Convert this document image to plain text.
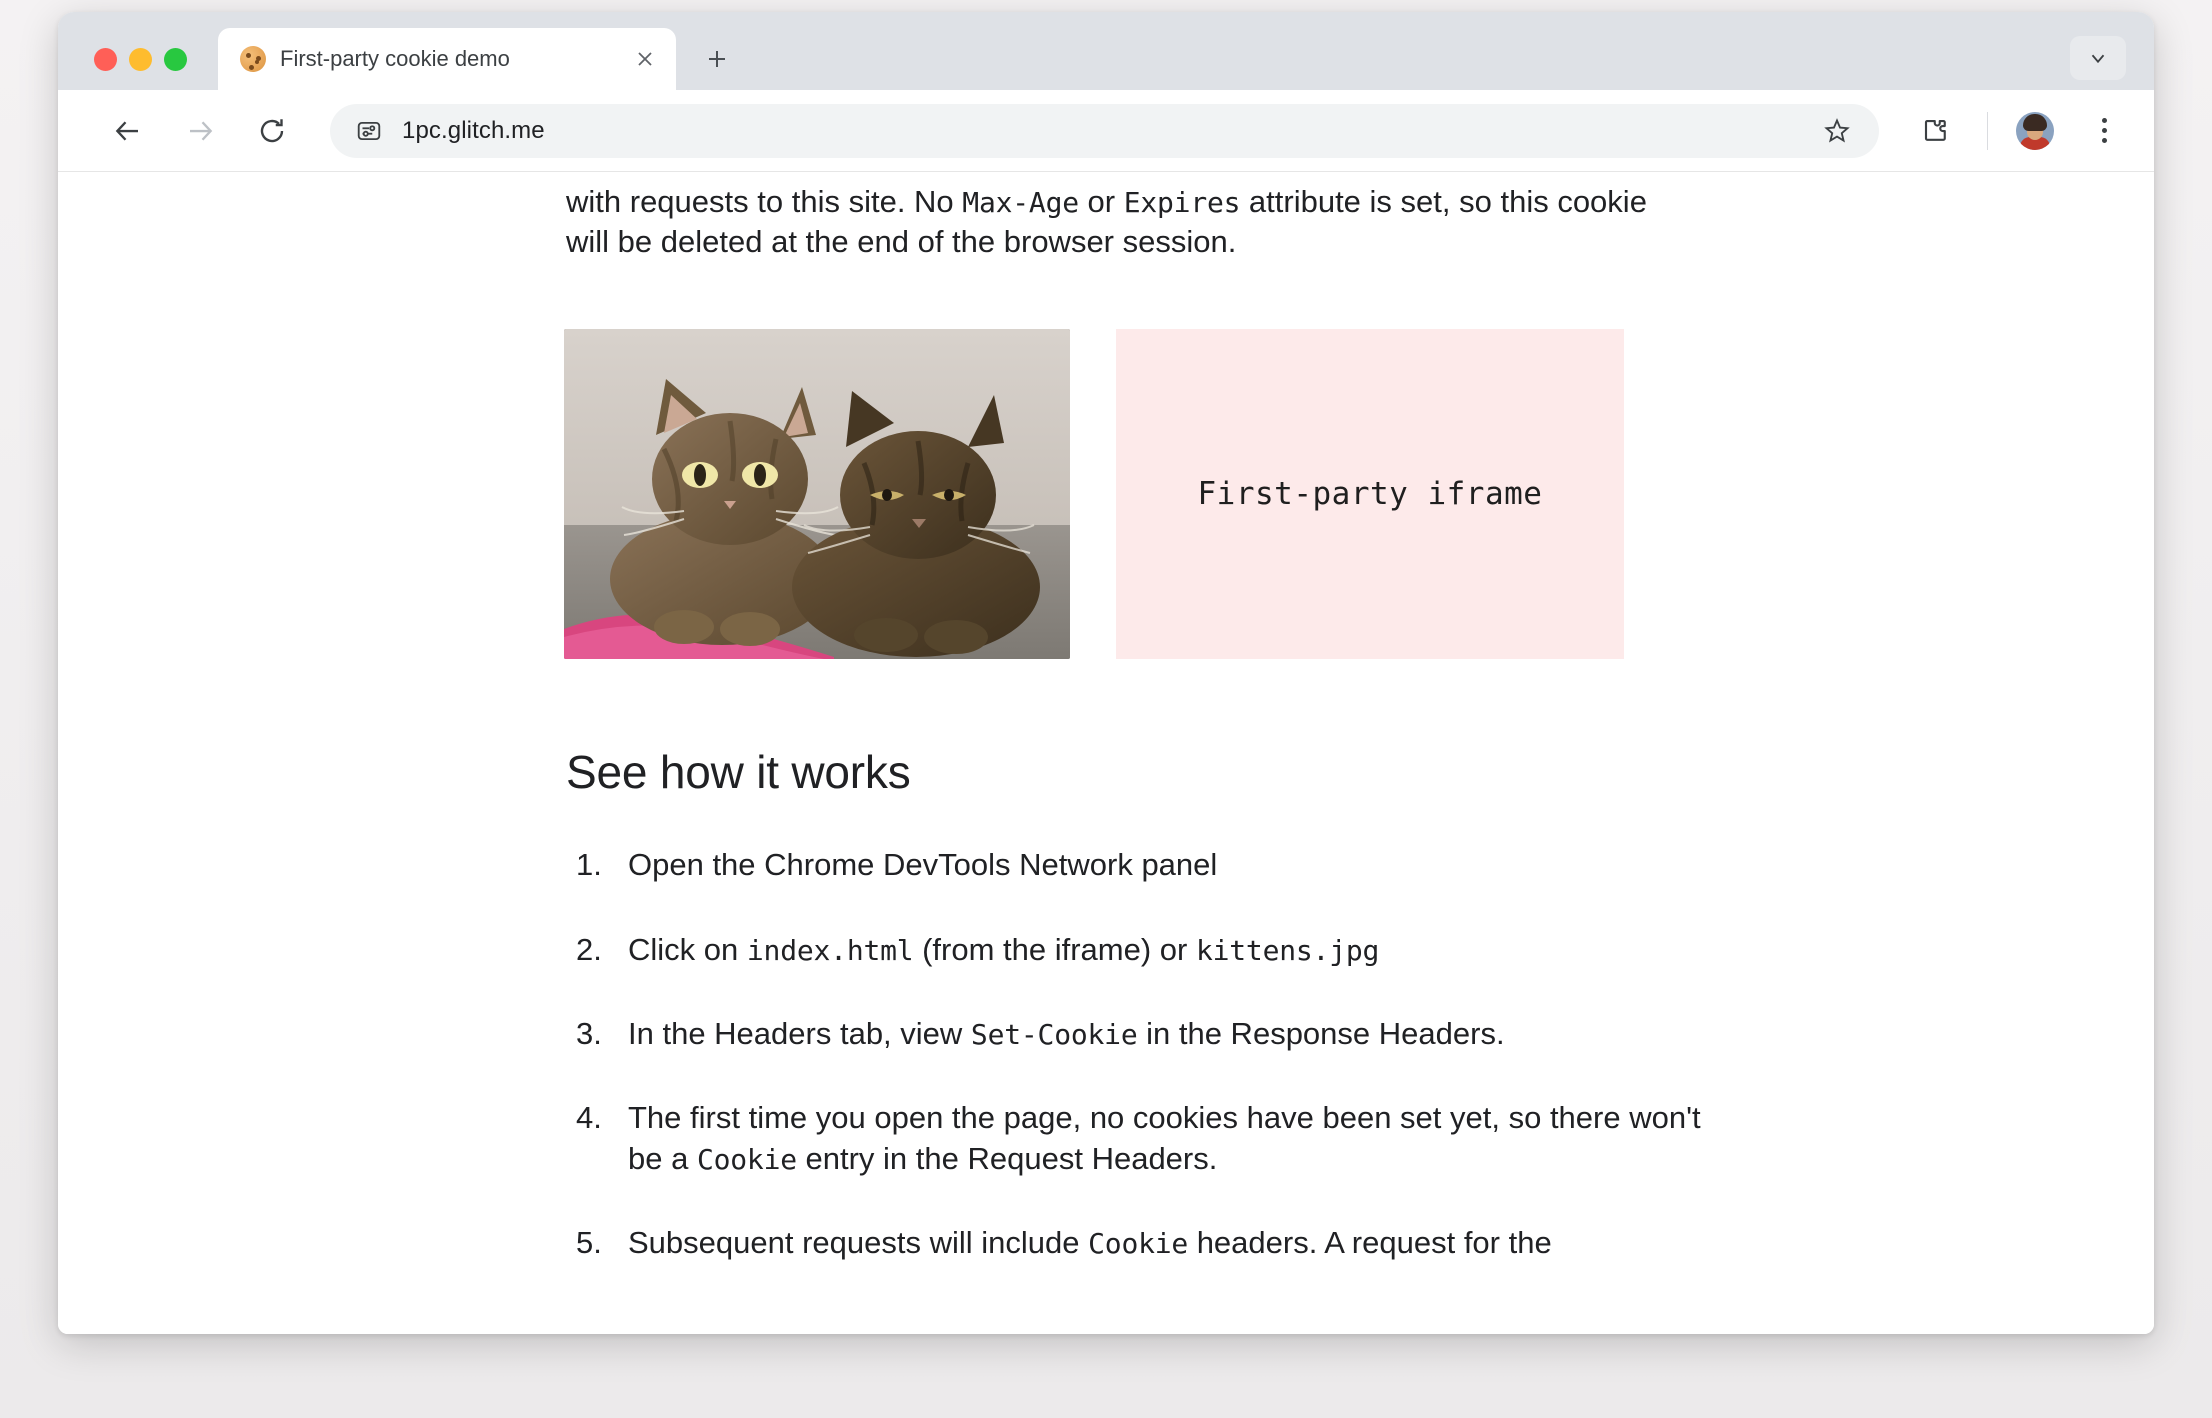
First-party cookie demo
1pc.glitch.me

with requests to this site. No Max-Age or Expires attribute is set, so this cookie will be deleted at the end of the browser session.

First-party iframe
See how it works
Open the Chrome DevTools Network panel
Click on index.html (from the iframe) or kittens.jpg
In the Headers tab, view Set-Cookie in the Response Headers.
The first time you open the page, no cookies have been set yet, so there won't be a Cookie entry in the Request Headers.
Subsequent requests will include Cookie headers. A request for the
